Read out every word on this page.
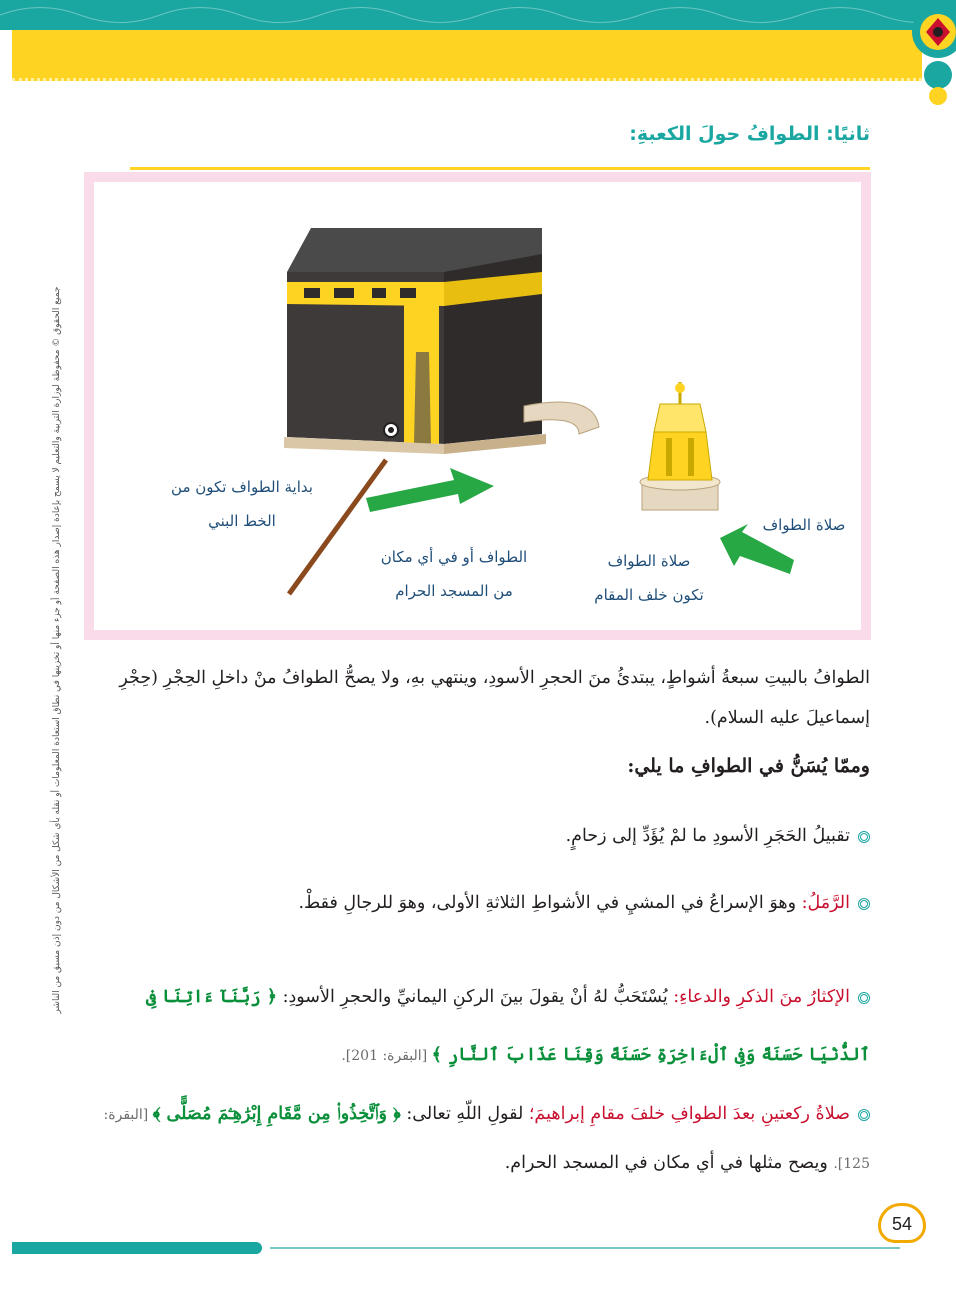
جميع الحقوق © محفوظة لوزارة التربية والتعليم لا يسمح بإعادة إصدار هذه الصفحة أو جزء منها أو تخزينها في نطاق استعادة المعلومات أو نقله بأي شكل من الأشكال من دون إذن مسبق من الناشر
ثانيًا: الطوافُ حولَ الكعبةِ:
بداية الطواف تكون من
الخط البني
الطواف أو في أي مكان
من المسجد الحرام
صلاة الطواف
تكون خلف المقام
صلاة الطواف
الطوافُ بالبيتِ سبعةُ أشواطٍ، يبتدئُ منَ الحجرِ الأسودِ، وينتهي بهِ، ولا يصحُّ الطوافُ منْ داخلِ الحِجْرِ (حِجْرِ إسماعيلَ عليه السلام).
وممّا يُسَنُّ في الطوافِ ما يلي:
تقبيلُ الحَجَرِ الأسودِ ما لمْ يُؤَدِّ إلى زحامٍ.
الرَّمَلُ: وهوَ الإسراعُ في المشيِ في الأشواطِ الثلاثةِ الأولى، وهوَ للرجالِ فقطْ.
الإكثارُ منَ الذكرِ والدعاءِ: يُسْتَحَبُّ لهُ أنْ يقولَ بينَ الركنِ اليمانيِّ والحجرِ الأسودِ: ﴿ رَبَّنَآ ءَاتِنَا فِى ٱلدُّنْيَا حَسَنَةً وَفِى ٱلْءَاخِرَةِ حَسَنَةً وَقِنَا عَذَابَ ٱلنَّارِ ﴾ [البقرة: 201].
صلاةُ ركعتينِ بعدَ الطوافِ خلفَ مقامِ إبراهيمَ؛ لقولِ اللّهِ تعالى: ﴿ وَٱتَّخِذُوا۟ مِن مَّقَامِ إِبْرَٰهِـۧمَ مُصَلًّى ﴾ [البقرة: 125]. ويصح مثلها في أي مكان في المسجد الحرام.
54
